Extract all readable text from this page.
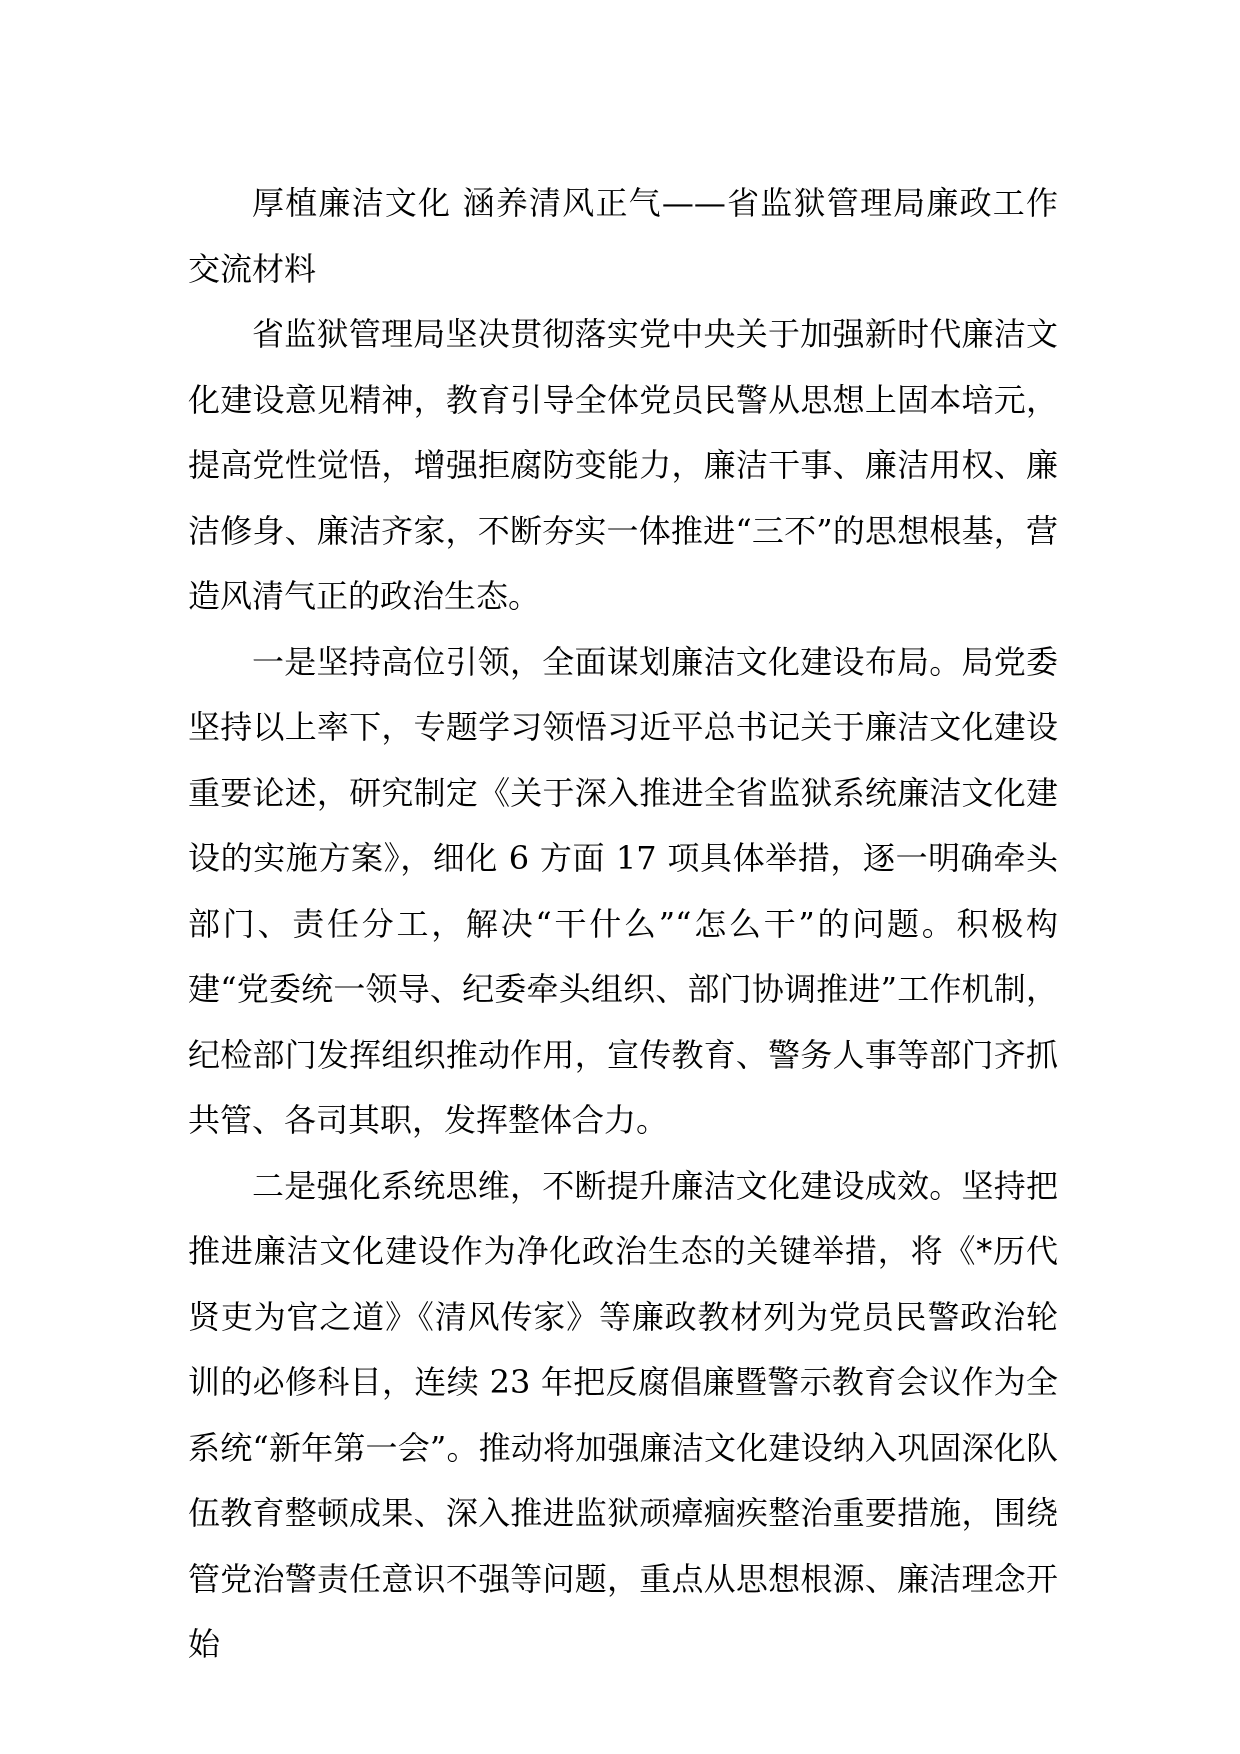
厚植廉洁文化 涵养清风正气——省监狱管理局廉政工作交流材料

省监狱管理局坚决贯彻落实党中央关于加强新时代廉洁文化建设意见精神，教育引导全体党员民警从思想上固本培元，提高党性觉悟，增强拒腐防变能力，廉洁干事、廉洁用权、廉洁修身、廉洁齐家，不断夯实一体推进“三不”的思想根基，营造风清气正的政治生态。

一是坚持高位引领，全面谋划廉洁文化建设布局。局党委坚持以上率下，专题学习领悟习近平总书记关于廉洁文化建设重要论述，研究制定《关于深入推进全省监狱系统廉洁文化建设的实施方案》，细化 6 方面 17 项具体举措，逐一明确牵头部门、责任分工，解决“干什么”“怎么干”的问题。积极构建“党委统一领导、纪委牵头组织、部门协调推进”工作机制，纪检部门发挥组织推动作用，宣传教育、警务人事等部门齐抓共管、各司其职，发挥整体合力。

二是强化系统思维，不断提升廉洁文化建设成效。坚持把推进廉洁文化建设作为净化政治生态的关键举措，将《*历代贤吏为官之道》《清风传家》等廉政教材列为党员民警政治轮训的必修科目，连续 23 年把反腐倡廉暨警示教育会议作为全系统“新年第一会”。推动将加强廉洁文化建设纳入巩固深化队伍教育整顿成果、深入推进监狱顽瘴痼疾整治重要措施，围绕管党治警责任意识不强等问题，重点从思想根源、廉洁理念开始
